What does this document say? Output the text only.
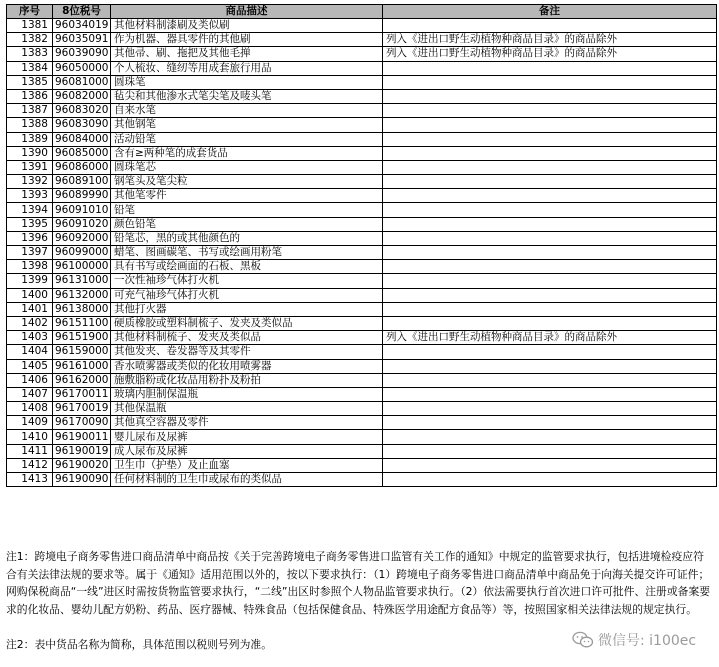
序号	8位税号	商品描述	备注
1381	96034019	其他材料制漆刷及类似刷	
1382	96035091	作为机器、器具零件的其他刷	列入《进出口野生动植物种商品目录》的商品除外
1383	96039090	其他帚、刷、拖把及其他毛掸	列入《进出口野生动植物种商品目录》的商品除外
1384	96050000	个人梳妆、缝纫等用成套旅行用品	
1385	96081000	圆珠笔	
1386	96082000	毡尖和其他渗水式笔尖笔及唛头笔	
1387	96083020	自来水笔	
1388	96083090	其他钢笔	
1389	96084000	活动铅笔	
1390	96085000	含有≥两种笔的成套货品	
1391	96086000	圆珠笔芯	
1392	96089100	钢笔头及笔尖粒	
1393	96089990	其他笔零件	
1394	96091010	铅笔	
1395	96091020	颜色铅笔	
1396	96092000	铅笔芯，黑的或其他颜色的	
1397	96099000	蜡笔、图画碳笔、书写或绘画用粉笔	
1398	96100000	具有书写或绘画面的石板、黑板	
1399	96131000	一次性袖珍气体打火机	
1400	96132000	可充气袖珍气体打火机	
1401	96138000	其他打火器	
1402	96151100	硬质橡胶或塑料制梳子、发夹及类似品	
1403	96151900	其他材料制梳子、发夹及类似品	列入《进出口野生动植物种商品目录》的商品除外
1404	96159000	其他发夹、卷发器等及其零件	
1405	96161000	香水喷雾器或类似的化妆用喷雾器	
1406	96162000	施敷脂粉或化妆品用粉扑及粉拍	
1407	96170011	玻璃内胆制保温瓶	
1408	96170019	其他保温瓶	
1409	96170090	其他真空容器及零件	
1410	96190011	婴儿尿布及尿裤	
1411	96190019	成人尿布及尿裤	
1412	96190020	卫生巾（护垫）及止血塞	
1413	96190090	任何材料制的卫生巾或尿布的类似品	

注1：跨境电子商务零售进口商品清单中商品按《关于完善跨境电子商务零售进口监管有关工作的通知》中规定的监管要求执行，包括进境检疫应符合有关法律法规的要求等。属于《通知》适用范围以外的，按以下要求执行：（1）跨境电子商务零售进口商品清单中商品免于向海关提交许可证件；网购保税商品“一线”进区时需按货物监管要求执行，“二线”出区时参照个人物品监管要求执行。（2）依法需要执行首次进口许可批件、注册或备案要求的化妆品、婴幼儿配方奶粉、药品、医疗器械、特殊食品（包括保健食品、特殊医学用途配方食品等）等，按照国家相关法律法规的规定执行。

注2：表中货品名称为简称，具体范围以税则号列为准。	微信号: i100ec
